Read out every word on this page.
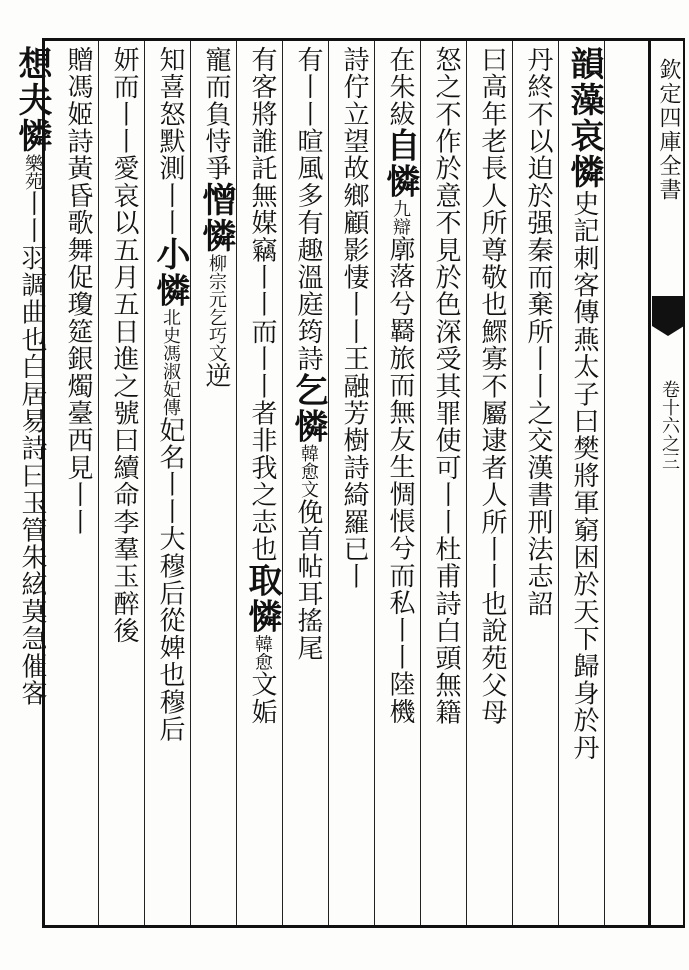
欽定四庫全書
卷十六之三
韻藻哀憐史記刺客傳燕太子曰樊將軍窮困於天下歸身於丹
丹終不以迫於强秦而棄所丨丨之交漢書刑法志詔
曰高年老長人所尊敬也鰥寡不屬逮者人所丨丨也說苑父母
怒之不作於意不見於色深受其罪使可丨丨杜甫詩白頭無籍
在朱紱自憐九辯廓落兮羇旅而無友生惆悵兮而私丨丨陸機
詩佇立望故鄉顧影悽丨丨王融芳樹詩綺羅已丨
有丨丨暄風多有趣溫庭筠詩乞憐韓愈文俛首帖耳搖尾
有客將誰託無媒竊丨丨而丨丨者非我之志也取憐韓愈文姤
寵而負恃爭憎憐柳宗元乞巧文逆
知喜怒默測丨丨小憐北史馮淑妃傳妃名丨丨大穆后從婢也穆后
妍而丨丨愛哀以五月五日進之號曰續命李羣玉醉後
贈馮姬詩黃昏歌舞促瓊筵銀燭臺西見丨丨
想夫憐樂苑丨丨羽調曲也白居易詩曰玉管朱絃莫急催客
